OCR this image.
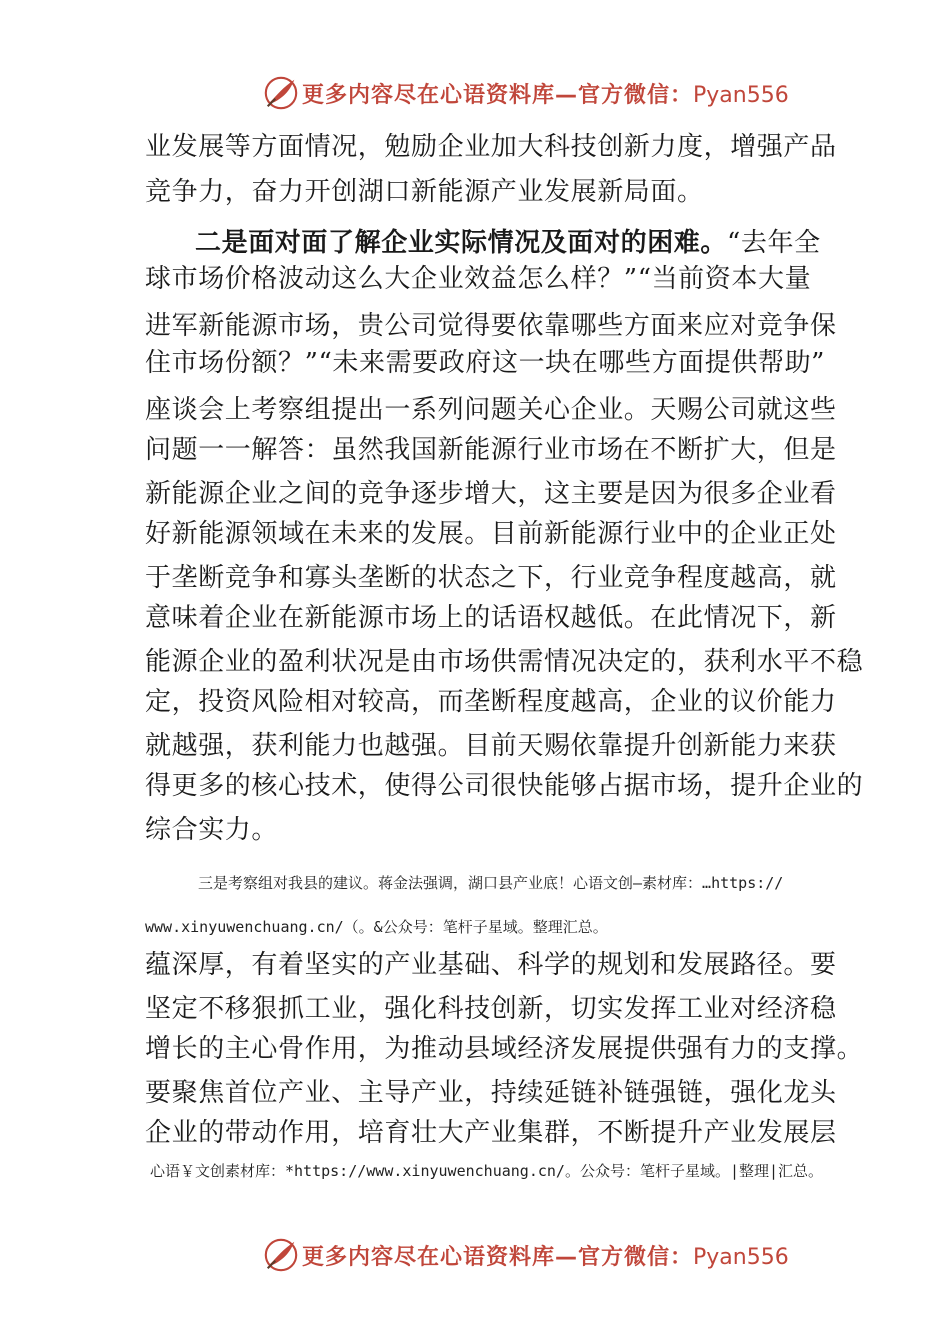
更多内容尽在心语资料库—官方微信：Pyan556
业发展等方面情况，勉励企业加大科技创新力度，增强产品
竞争力，奋力开创湖口新能源产业发展新局面。
二是面对面了解企业实际情况及面对的困难。“去年全
球市场价格波动这么大企业效益怎么样？”“当前资本大量
进军新能源市场，贵公司觉得要依靠哪些方面来应对竞争保
住市场份额？”“未来需要政府这一块在哪些方面提供帮助”
座谈会上考察组提出一系列问题关心企业。天赐公司就这些
问题一一解答：虽然我国新能源行业市场在不断扩大，但是
新能源企业之间的竞争逐步增大，这主要是因为很多企业看
好新能源领域在未来的发展。目前新能源行业中的企业正处
于垄断竞争和寡头垄断的状态之下，行业竞争程度越高，就
意味着企业在新能源市场上的话语权越低。在此情况下，新
能源企业的盈利状况是由市场供需情况决定的，获利水平不稳
定，投资风险相对较高，而垄断程度越高，企业的议价能力
就越强，获利能力也越强。目前天赐依靠提升创新能力来获
得更多的核心技术，使得公司很快能够占据市场，提升企业的
综合实力。
三是考察组对我县的建议。蒋金法强调，湖口县产业底！心语文创—素材库：…https://
www.xinyuwenchuang.cn/（。&公众号：笔杆子星域。整理汇总。
蕴深厚，有着坚实的产业基础、科学的规划和发展路径。要
坚定不移狠抓工业，强化科技创新，切实发挥工业对经济稳
增长的主心骨作用，为推动县域经济发展提供强有力的支撑。
要聚焦首位产业、主导产业，持续延链补链强链，强化龙头
企业的带动作用，培育壮大产业集群，不断提升产业发展层
心语￥文创素材库：*https://www.xinyuwenchuang.cn/。公众号：笔杆子星域。|整理|汇总。
更多内容尽在心语资料库—官方微信：Pyan556
